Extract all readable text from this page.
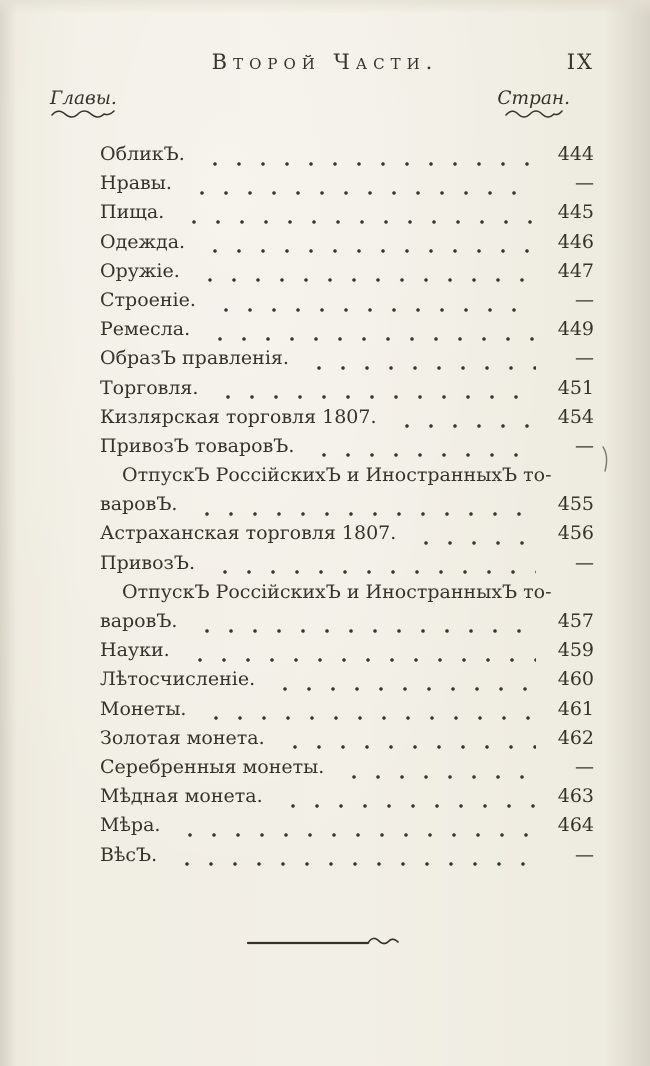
Второй Части.	IX
Главы.	Стран.
ОбликЪ.	444
Нравы.	—
Пища.	445
Одежда.	446
Оружіе.	447
Строеніе.	—
Ремесла.	449
ОбразЪ правленія.	—
Торговля.	451
Кизлярская торговля 1807.	454
ПривозЪ товаровЪ.	—
ОтпускЪ РоссійскихЪ и ИностранныхЪ то-
варовЪ.	455
Астраханская торговля 1807.	456
ПривозЪ.	—
ОтпускЪ РоссійскихЪ и ИностранныхЪ то-
варовЪ.	457
Науки.	459
Лѣтосчисленіе.	460
Монеты.	461
Золотая монета.	462
Серебренныя монеты.	—
Мѣдная монета.	463
Мѣра.	464
ВѣсЪ.	—
